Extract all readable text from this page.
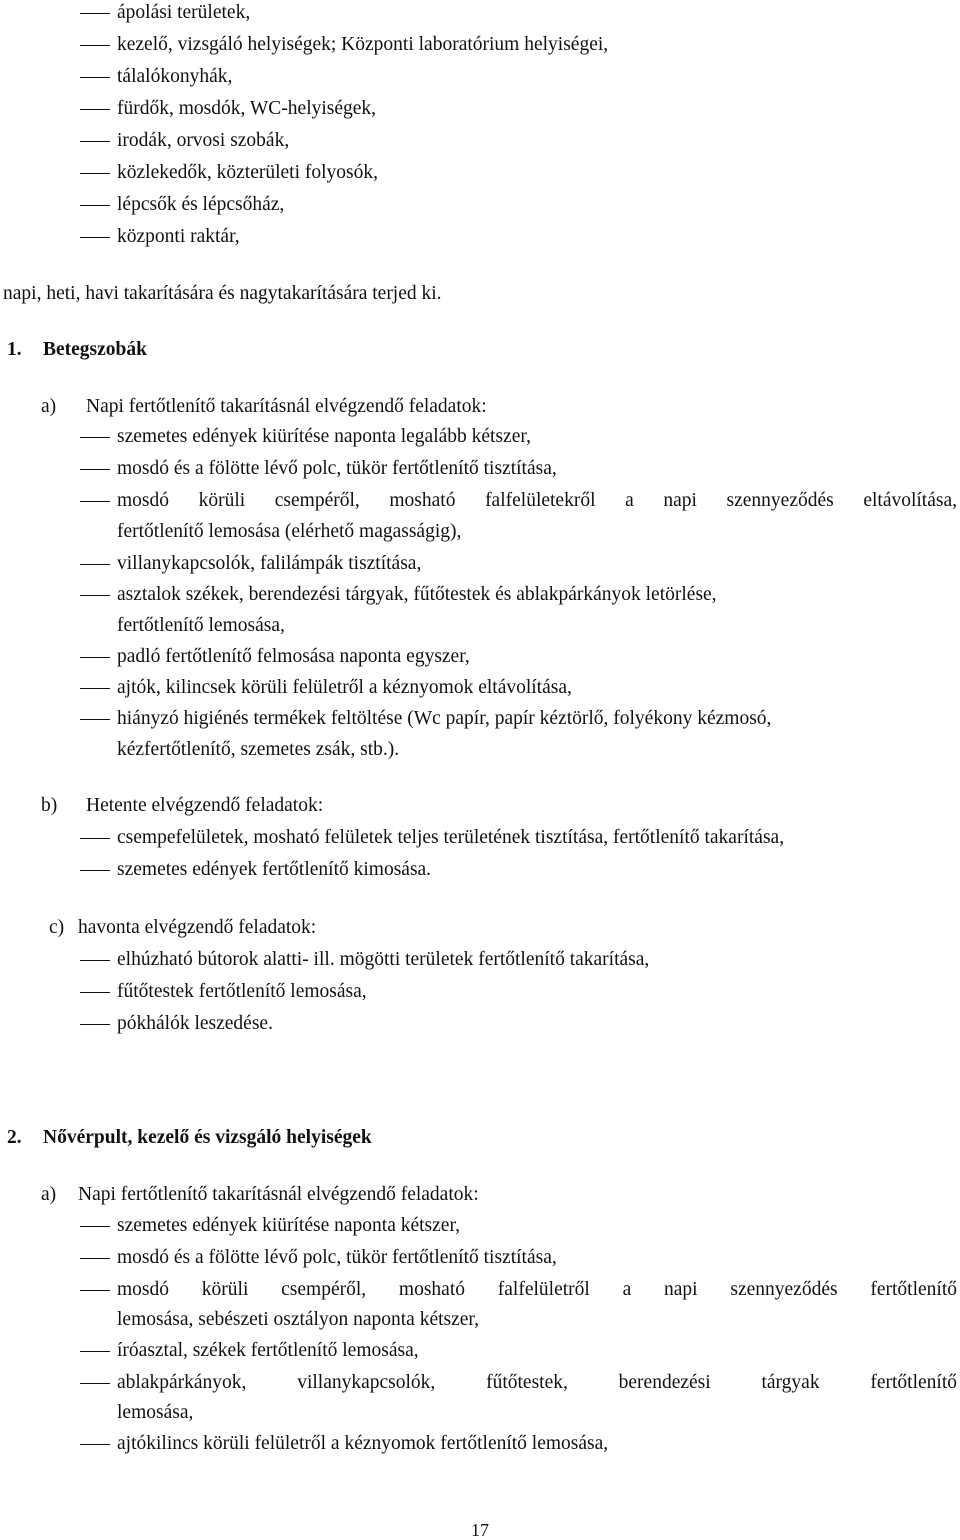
ápolási területek,
kezelő, vizsgáló helyiségek; Központi laboratórium helyiségei,
tálalókonyhák,
fürdők, mosdók, WC-helyiségek,
irodák, orvosi szobák,
közlekedők, közterületi folyosók,
lépcsők és lépcsőház,
központi raktár,
napi, heti, havi takarítására és nagytakarítására terjed ki.
1. Betegszobák
a) Napi fertőtlenítő takarításnál elvégzendő feladatok:
szemetes edények kiürítése naponta legalább kétszer,
mosdó és a fölötte lévő polc, tükör fertőtlenítő tisztítása,
mosdó körüli csempéről, mosható falfelületekről a napi szennyeződés eltávolítása,
fertőtlenítő lemosása (elérhető magasságig),
villanykapcsolók, falilámpák tisztítása,
asztalok székek, berendezési tárgyak, fűtőtestek és ablakpárkányok letörlése,
fertőtlenítő lemosása,
padló fertőtlenítő felmosása naponta egyszer,
ajtók, kilincsek körüli felületről a kéznyomok eltávolítása,
hiányzó higiénés termékek feltöltése (Wc papír, papír kéztörlő, folyékony kézmosó,
kézfertőtlenítő, szemetes zsák, stb.).
b) Hetente elvégzendő feladatok:
csempefelületek, mosható felületek teljes területének tisztítása, fertőtlenítő takarítása,
szemetes edények fertőtlenítő kimosása.
c) havonta elvégzendő feladatok:
elhúzható bútorok alatti- ill. mögötti területek fertőtlenítő takarítása,
fűtőtestek fertőtlenítő lemosása,
pókhálók leszedése.
2. Nővérpult, kezelő és vizsgáló helyiségek
a) Napi fertőtlenítő takarításnál elvégzendő feladatok:
szemetes edények kiürítése naponta kétszer,
mosdó és a fölötte lévő polc, tükör fertőtlenítő tisztítása,
mosdó körüli csempéről, mosható falfelületről a napi szennyeződés fertőtlenítő
lemosása, sebészeti osztályon naponta kétszer,
íróasztal, székek fertőtlenítő lemosása,
ablakpárkányok, villanykapcsolók, fűtőtestek, berendezési tárgyak fertőtlenítő
lemosása,
ajtókilincs körüli felületről a kéznyomok fertőtlenítő lemosása,
17
